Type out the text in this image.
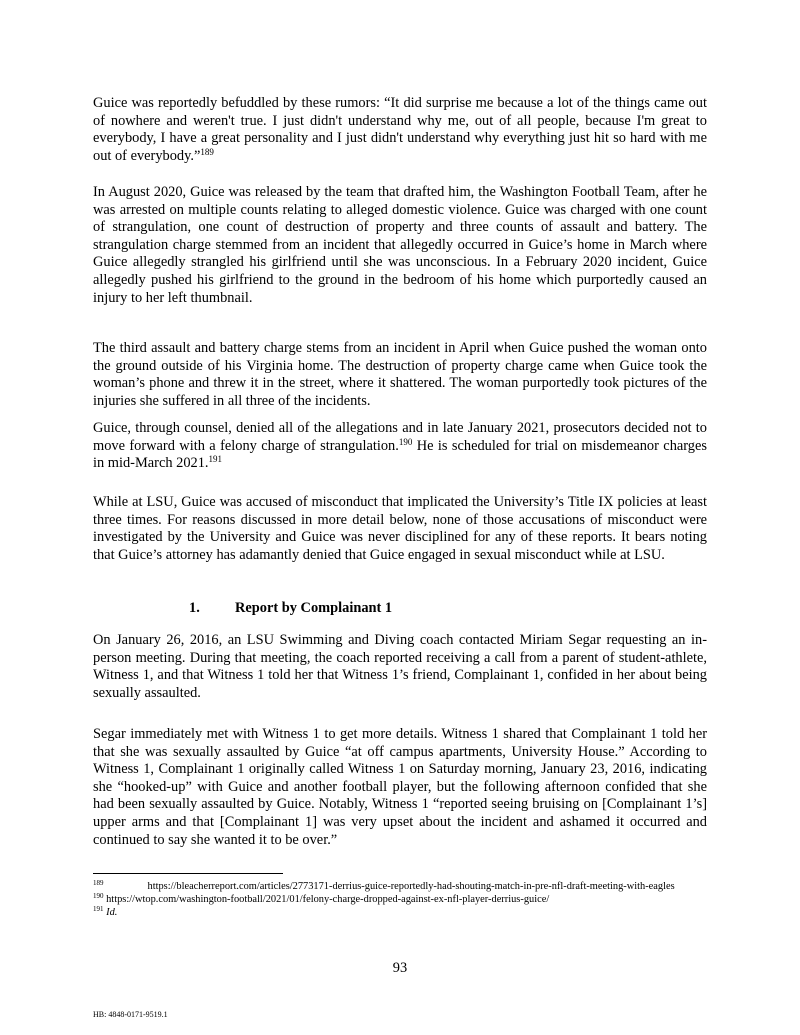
Guice was reportedly befuddled by these rumors: “It did surprise me because a lot of the things came out of nowhere and weren't true. I just didn't understand why me, out of all people, because I'm great to everybody, I have a great personality and I just didn't understand why everything just hit so hard with me out of everybody.”$^{189}$

In August 2020, Guice was released by the team that drafted him, the Washington Football Team, after he was arrested on multiple counts relating to alleged domestic violence. Guice was charged with one count of strangulation, one count of destruction of property and three counts of assault and battery. The strangulation charge stemmed from an incident that allegedly occurred in Guice’s home in March where Guice allegedly strangled his girlfriend until she was unconscious. In a February 2020 incident, Guice allegedly pushed his girlfriend to the ground in the bedroom of his home which purportedly caused an injury to her left thumbnail.

The third assault and battery charge stems from an incident in April when Guice pushed the woman onto the ground outside of his Virginia home. The destruction of property charge came when Guice took the woman’s phone and threw it in the street, where it shattered. The woman purportedly took pictures of the injuries she suffered in all three of the incidents.

Guice, through counsel, denied all of the allegations and in late January 2021, prosecutors decided not to move forward with a felony charge of strangulation.$^{190}$ He is scheduled for trial on misdemeanor charges in mid-March 2021.$^{191}$

While at LSU, Guice was accused of misconduct that implicated the University’s Title IX policies at least three times. For reasons discussed in more detail below, none of those accusations of misconduct were investigated by the University and Guice was never disciplined for any of these reports. It bears noting that Guice’s attorney has adamantly denied that Guice engaged in sexual misconduct while at LSU.

1. Report by Complainant 1

On January 26, 2016, an LSU Swimming and Diving coach contacted Miriam Segar requesting an in-person meeting. During that meeting, the coach reported receiving a call from a parent of student-athlete, Witness 1, and that Witness 1 told her that Witness 1’s friend, Complainant 1, confided in her about being sexually assaulted.

Segar immediately met with Witness 1 to get more details. Witness 1 shared that Complainant 1 told her that she was sexually assaulted by Guice “at off campus apartments, University House.” According to Witness 1, Complainant 1 originally called Witness 1 on Saturday morning, January 23, 2016, indicating she “hooked-up” with Guice and another football player, but the following afternoon confided that she had been sexually assaulted by Guice. Notably, Witness 1 “reported seeing bruising on [Complainant 1’s] upper arms and that [Complainant 1] was very upset about the incident and ashamed it occurred and continued to say she wanted it to be over.”

$^{189}$	https://bleacherreport.com/articles/2773171-derrius-guice-reportedly-had-shouting-match-in-pre-nfl-draft-meeting-with-eagles

$^{190}$ https://wtop.com/washington-football/2021/01/felony-charge-dropped-against-ex-nfl-player-derrius-guice/

$^{191}$ Id.

93
HB: 4848-0171-9519.1
